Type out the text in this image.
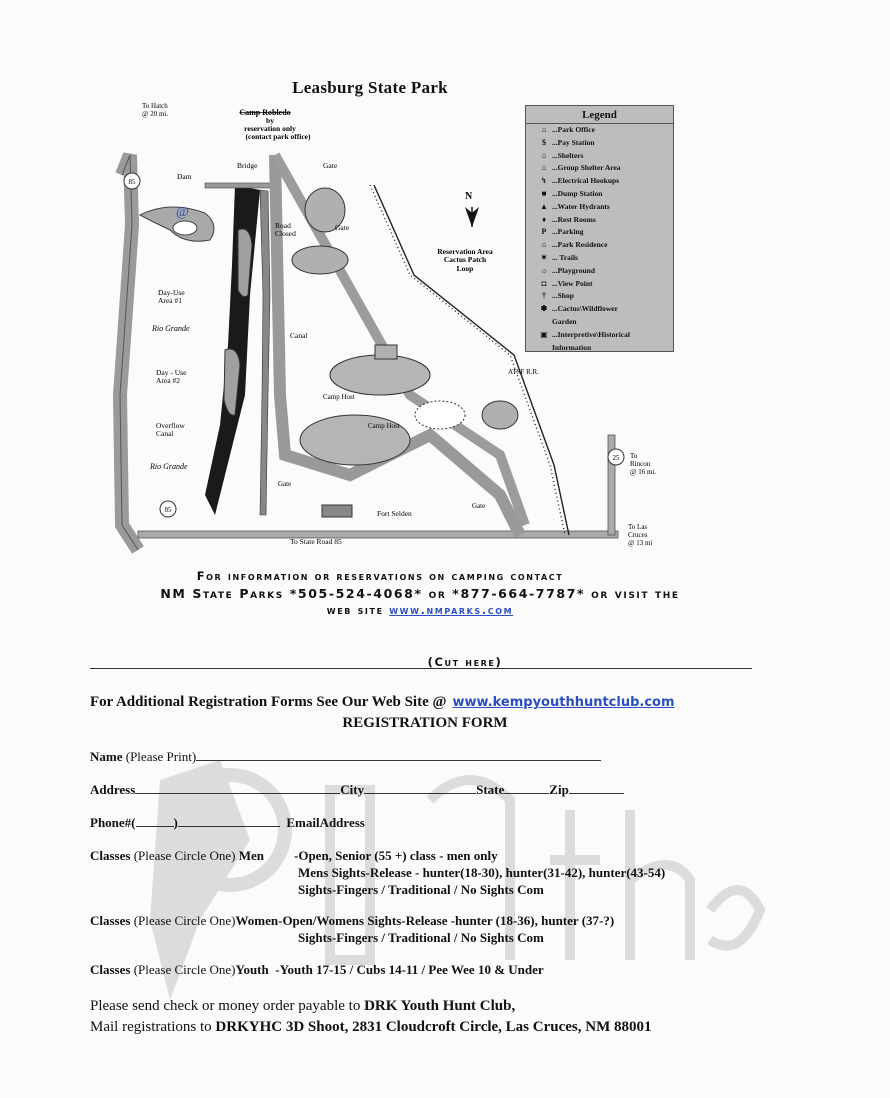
Leasburg State Park
85
85
25
@
To Hatch
@ 20 mi.	Camp Robledo
by
reservation only
(contact park office)
Dam
Bridge	Gate
Road
Closed
Gate
N
Reservation Area
Cactus Patch
Loop
Day-Use
Area #1
Rio Grande
Canal
Day - Use
Area #2
Camp Host
Camp Host
ATSF R.R.
Overflow
Canal
Rio Grande
Gate
To
Rincon
@ 16 mi.
Fort Selden
Gate
To State Road 85
To Las
Cruces
@ 13 mi
Legend
⌂ ...Park Office
$ ...Pay Station
⌂ ...Shelters
⌂ ...Group Shelter Area
↯ ...Electrical Hookups
■ ...Dump Station
▲ ...Water Hydrants
♦ ...Rest Rooms
P ...Parking
⌂ ...Park Residence
✶ ... Trails
☼ ...Playground
◘ ...View Point
† ...Shop
✽ ...Cactus\Wildflower
Garden
▣ ...Interpretive\Historical
Information
For information or reservations on camping contact
NM State Parks *505-524-4068* or *877-664-7787* or visit the
web site www.nmparks.com
(Cut here)
For Additional Registration Forms See Our Web Site @ www.kempyouthhuntclub.com
REGISTRATION FORM
Name (Please Print)
Address	City	State	Zip
Phone#(	)	EmailAddress
Classes (Please Circle One) Men -Open, Senior (55 +) class - men only
Mens Sights-Release - hunter(18-30), hunter(31-42), hunter(43-54)
Sights-Fingers / Traditional / No Sights Com
Classes (Please Circle One)Women-Open/Womens Sights-Release -hunter (18-36), hunter (37-?)
Sights-Fingers / Traditional / No Sights Com
Classes (Please Circle One)Youth -Youth 17-15 / Cubs 14-11 / Pee Wee 10 & Under
Please send check or money order payable to DRK Youth Hunt Club,
Mail registrations to DRKYHC 3D Shoot, 2831 Cloudcroft Circle, Las Cruces, NM 88001
